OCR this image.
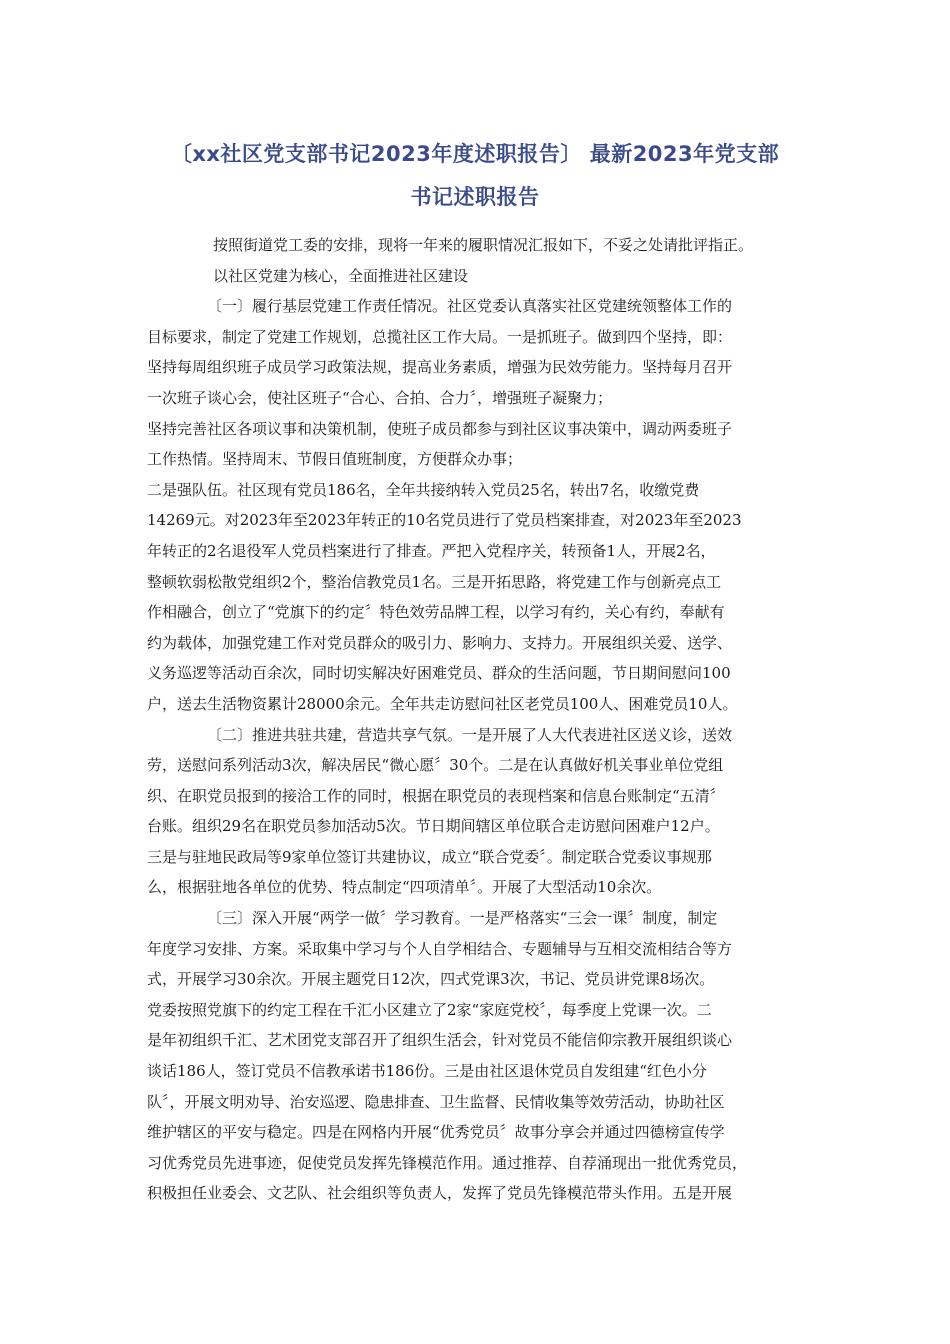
〔xx社区党支部书记2023年度述职报告〕 最新2023年党支部
书记述职报告
按照街道党工委的安排，现将一年来的履职情况汇报如下，不妥之处请批评指正。
以社区党建为核心，全面推进社区建设
〔一〕履行基层党建工作责任情况。社区党委认真落实社区党建统领整体工作的
目标要求，制定了党建工作规划，总揽社区工作大局。一是抓班子。做到四个坚持，即：
坚持每周组织班子成员学习政策法规，提高业务素质，增强为民效劳能力。坚持每月召开
一次班子谈心会，使社区班子“合心、合拍、合力〞，增强班子凝聚力；
坚持完善社区各项议事和决策机制，使班子成员都参与到社区议事决策中，调动两委班子
工作热情。坚持周末、节假日值班制度，方便群众办事；
二是强队伍。社区现有党员186名，全年共接纳转入党员25名，转出7名，收缴党费
14269元。对2023年至2023年转正的10名党员进行了党员档案排查，对2023年至2023
年转正的2名退役军人党员档案进行了排查。严把入党程序关，转预备1人，开展2名，
整顿软弱松散党组织2个，整治信教党员1名。三是开拓思路，将党建工作与创新亮点工
作相融合，创立了“党旗下的约定〞特色效劳品牌工程，以学习有约，关心有约，奉献有
约为载体，加强党建工作对党员群众的吸引力、影响力、支持力。开展组织关爱、送学、
义务巡逻等活动百余次，同时切实解决好困难党员、群众的生活问题，节日期间慰问100
户，送去生活物资累计28000余元。全年共走访慰问社区老党员100人、困难党员10人。
〔二〕推进共驻共建，营造共享气氛。一是开展了人大代表进社区送义诊，送效
劳，送慰问系列活动3次，解决居民“微心愿〞30个。二是在认真做好机关事业单位党组
织、在职党员报到的接洽工作的同时，根据在职党员的表现档案和信息台账制定“五清〞
台账。组织29名在职党员参加活动5次。节日期间辖区单位联合走访慰问困难户12户。
三是与驻地民政局等9家单位签订共建协议，成立“联合党委〞。制定联合党委议事规那
么，根据驻地各单位的优势、特点制定“四项清单〞。开展了大型活动10余次。
〔三〕深入开展“两学一做〞学习教育。一是严格落实“三会一课〞制度，制定
年度学习安排、方案。采取集中学习与个人自学相结合、专题辅导与互相交流相结合等方
式，开展学习30余次。开展主题党日12次，四式党课3次，书记、党员讲党课8场次。
党委按照党旗下的约定工程在千汇小区建立了2家“家庭党校〞，每季度上党课一次。二
是年初组织千汇、艺术团党支部召开了组织生活会，针对党员不能信仰宗教开展组织谈心
谈话186人，签订党员不信教承诺书186份。三是由社区退休党员自发组建“红色小分
队〞，开展文明劝导、治安巡逻、隐患排查、卫生监督、民情收集等效劳活动，协助社区
维护辖区的平安与稳定。四是在网格内开展“优秀党员〞故事分享会并通过四德榜宣传学
习优秀党员先进事迹，促使党员发挥先锋模范作用。通过推荐、自荐涌现出一批优秀党员，
积极担任业委会、文艺队、社会组织等负责人，发挥了党员先锋模范带头作用。五是开展
